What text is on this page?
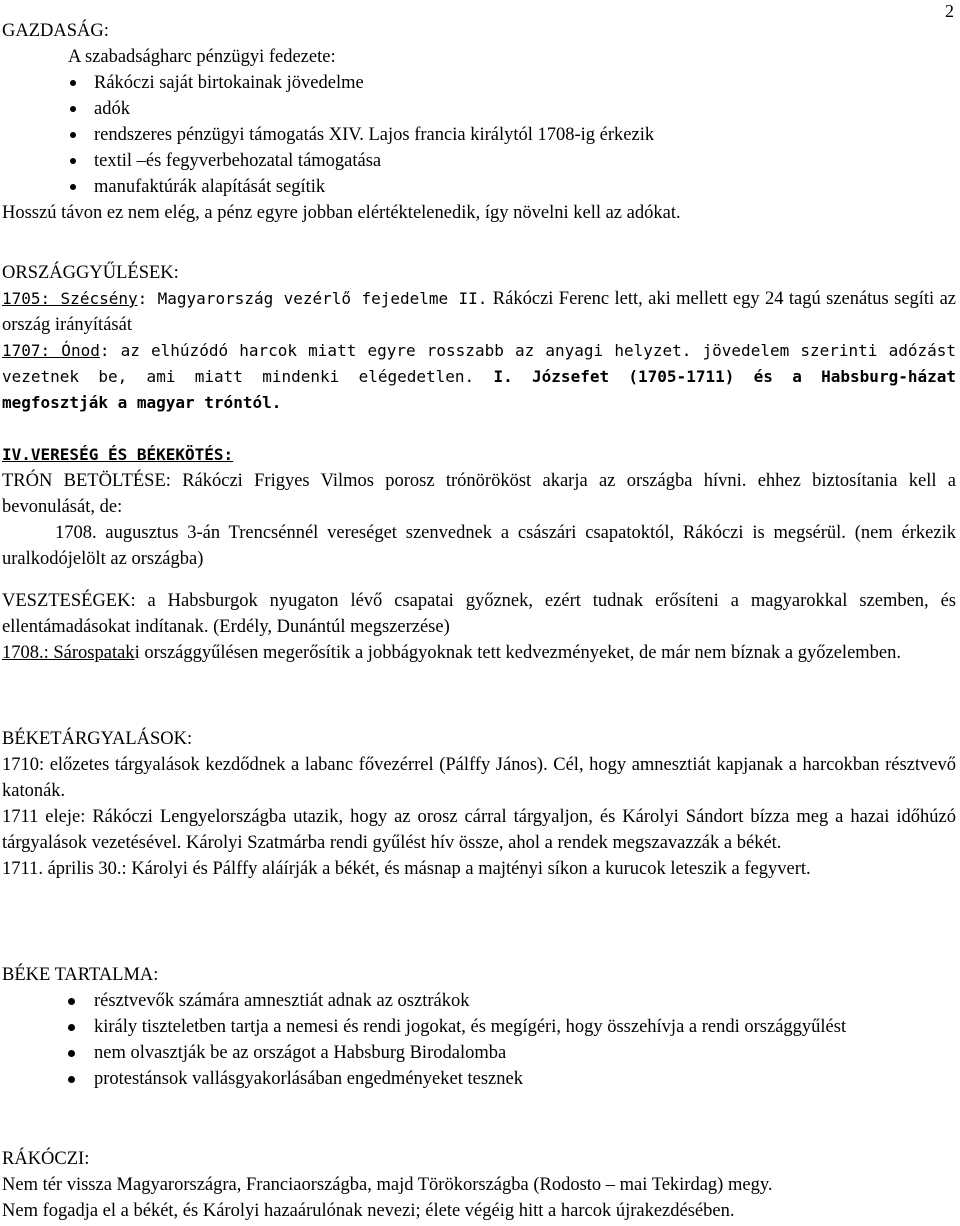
2
GAZDASÁG:
A szabadságharc pénzügyi fedezete:
Rákóczi saját birtokainak jövedelme
adók
rendszeres pénzügyi támogatás XIV. Lajos francia királytól 1708-ig érkezik
textil –és fegyverbehozatal támogatása
manufaktúrák alapítását segítik
Hosszú távon ez nem elég, a pénz egyre jobban elértéktelenedik, így növelni kell az adókat.
ORSZÁGGYŰLÉSEK:
1705: Szécsény: Magyarország vezérlő fejedelme II. Rákóczi Ferenc lett, aki mellett egy 24 tagú szenátus segíti az ország irányítását
1707: Ónod: az elhúzódó harcok miatt egyre rosszabb az anyagi helyzet. jövedelem szerinti adózást vezetnek be, ami miatt mindenki elégedetlen. I. Józsefet (1705-1711) és a Habsburg-házat megfosztják a magyar tróntól.
IV.VERESÉG ÉS BÉKEKÖTÉS:
TRÓN BETÖLTÉSE: Rákóczi Frigyes Vilmos porosz trónörököst akarja az országba hívni. ehhez biztosítania kell a bevonulását, de:
1708. augusztus 3-án Trencsénnél vereséget szenvednek a császári csapatoktól, Rákóczi is megsérül. (nem érkezik uralkodójelölt az országba)
VESZTESÉGEK: a Habsburgok nyugaton lévő csapatai győznek, ezért tudnak erősíteni a magyarokkal szemben, és ellentámadásokat indítanak. (Erdély, Dunántúl megszerzése)
1708.: Sárospataki országgyűlésen megerősítik a jobbágyoknak tett kedvezményeket, de már nem bíznak a győzelemben.
BÉKETÁRGYALÁSOK:
1710: előzetes tárgyalások kezdődnek a labanc fővezérrel (Pálffy János). Cél, hogy amnesztiát kapjanak a harcokban résztvevő katonák.
1711 eleje: Rákóczi Lengyelországba utazik, hogy az orosz cárral tárgyaljon, és Károlyi Sándort bízza meg a hazai időhúzó tárgyalások vezetésével. Károlyi Szatmárba rendi gyűlést hív össze, ahol a rendek megszavazzák a békét.
1711. április 30.: Károlyi és Pálffy aláírják a békét, és másnap a majtényi síkon a kurucok leteszik a fegyvert.
BÉKE TARTALMA:
résztvevők számára amnesztiát adnak az osztrákok
király tiszteletben tartja a nemesi és rendi jogokat, és megígéri, hogy összehívja a rendi országgyűlést
nem olvasztják be az országot a Habsburg Birodalomba
protestánsok vallásgyakorlásában engedményeket tesznek
RÁKÓCZI:
Nem tér vissza Magyarországra, Franciaországba, majd Törökországba (Rodosto – mai Tekirdag) megy.
Nem fogadja el a békét, és Károlyi hazaárulónak nevezi; élete végéig hitt a harcok újrakezdésében.
